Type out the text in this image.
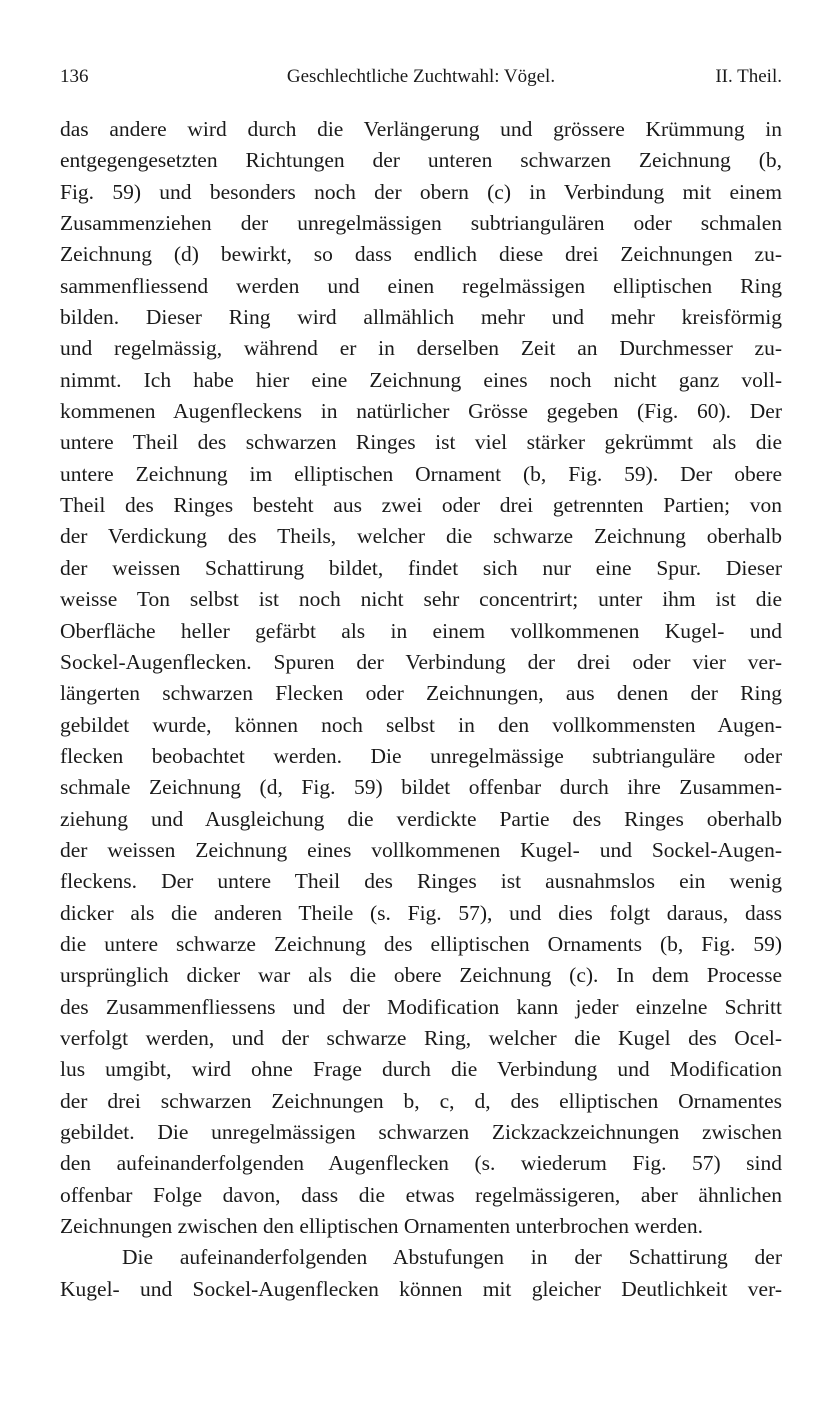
136	Geschlechtliche Zuchtwahl: Vögel.	II. Theil.
das andere wird durch die Verlängerung und grössere Krümmung in
entgegengesetzten Richtungen der unteren schwarzen Zeichnung (b,
Fig. 59) und besonders noch der obern (c) in Verbindung mit einem
Zusammenziehen der unregelmässigen subtriangulären oder schmalen
Zeichnung (d) bewirkt, so dass endlich diese drei Zeichnungen zu-
sammenfliessend werden und einen regelmässigen elliptischen Ring
bilden. Dieser Ring wird allmählich mehr und mehr kreisförmig
und regelmässig, während er in derselben Zeit an Durchmesser zu-
nimmt. Ich habe hier eine Zeichnung eines noch nicht ganz voll-
kommenen Augenfleckens in natürlicher Grösse gegeben (Fig. 60). Der
untere Theil des schwarzen Ringes ist viel stärker gekrümmt als die
untere Zeichnung im elliptischen Ornament (b, Fig. 59). Der obere
Theil des Ringes besteht aus zwei oder drei getrennten Partien; von
der Verdickung des Theils, welcher die schwarze Zeichnung oberhalb
der weissen Schattirung bildet, findet sich nur eine Spur. Dieser
weisse Ton selbst ist noch nicht sehr concentrirt; unter ihm ist die
Oberfläche heller gefärbt als in einem vollkommenen Kugel- und
Sockel-Augenflecken. Spuren der Verbindung der drei oder vier ver-
längerten schwarzen Flecken oder Zeichnungen, aus denen der Ring
gebildet wurde, können noch selbst in den vollkommensten Augen-
flecken beobachtet werden. Die unregelmässige subtrianguläre oder
schmale Zeichnung (d, Fig. 59) bildet offenbar durch ihre Zusammen-
ziehung und Ausgleichung die verdickte Partie des Ringes oberhalb
der weissen Zeichnung eines vollkommenen Kugel- und Sockel-Augen-
fleckens. Der untere Theil des Ringes ist ausnahmslos ein wenig
dicker als die anderen Theile (s. Fig. 57), und dies folgt daraus, dass
die untere schwarze Zeichnung des elliptischen Ornaments (b, Fig. 59)
ursprünglich dicker war als die obere Zeichnung (c). In dem Processe
des Zusammenfliessens und der Modification kann jeder einzelne Schritt
verfolgt werden, und der schwarze Ring, welcher die Kugel des Ocel-
lus umgibt, wird ohne Frage durch die Verbindung und Modification
der drei schwarzen Zeichnungen b, c, d, des elliptischen Ornamentes
gebildet. Die unregelmässigen schwarzen Zickzackzeichnungen zwischen
den aufeinanderfolgenden Augenflecken (s. wiederum Fig. 57) sind
offenbar Folge davon, dass die etwas regelmässigeren, aber ähnlichen
Zeichnungen zwischen den elliptischen Ornamenten unterbrochen werden.
Die aufeinanderfolgenden Abstufungen in der Schattirung der
Kugel- und Sockel-Augenflecken können mit gleicher Deutlichkeit ver-
